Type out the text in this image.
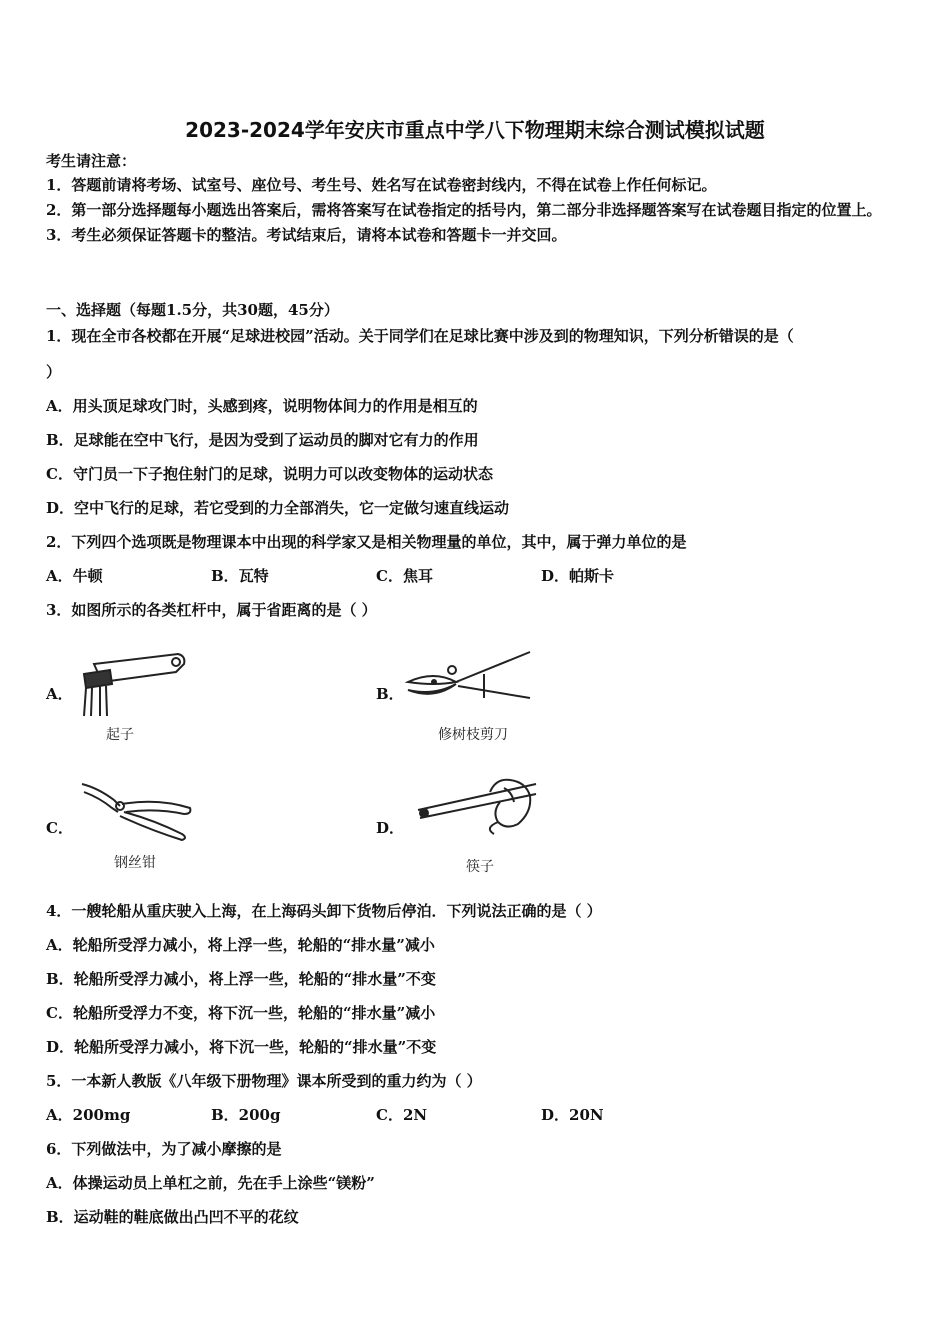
2023-2024学年安庆市重点中学八下物理期末综合测试模拟试题
考生请注意：
1．答题前请将考场、试室号、座位号、考生号、姓名写在试卷密封线内，不得在试卷上作任何标记。
2．第一部分选择题每小题选出答案后，需将答案写在试卷指定的括号内，第二部分非选择题答案写在试卷题目指定的位置上。
3．考生必须保证答题卡的整洁。考试结束后，请将本试卷和答题卡一并交回。
一、选择题（每题1.5分，共30题，45分）
1．现在全市各校都在开展“足球进校园”活动。关于同学们在足球比赛中涉及到的物理知识，下列分析错误的是（
）
A．用头顶足球攻门时，头感到疼，说明物体间力的作用是相互的
B．足球能在空中飞行，是因为受到了运动员的脚对它有力的作用
C．守门员一下子抱住射门的足球，说明力可以改变物体的运动状态
D．空中飞行的足球，若它受到的力全部消失，它一定做匀速直线运动
2．下列四个选项既是物理课本中出现的科学家又是相关物理量的单位，其中，属于弹力单位的是
A．牛顿	B．瓦特	C．焦耳	D．帕斯卡
3．如图所示的各类杠杆中，属于省距离的是（ ）
A．
起子
B．
修树枝剪刀
C．
钢丝钳
D．
筷子
4．一艘轮船从重庆驶入上海，在上海码头卸下货物后停泊．下列说法正确的是（ ）
A．轮船所受浮力减小，将上浮一些，轮船的“排水量”减小
B．轮船所受浮力减小，将上浮一些，轮船的“排水量”不变
C．轮船所受浮力不变，将下沉一些，轮船的“排水量”减小
D．轮船所受浮力减小，将下沉一些，轮船的“排水量”不变
5．一本新人教版《八年级下册物理》课本所受到的重力约为（ ）
A．200mg	B．200g	C．2N	D．20N
6．下列做法中，为了减小摩擦的是
A．体操运动员上单杠之前，先在手上涂些“镁粉”
B．运动鞋的鞋底做出凸凹不平的花纹
